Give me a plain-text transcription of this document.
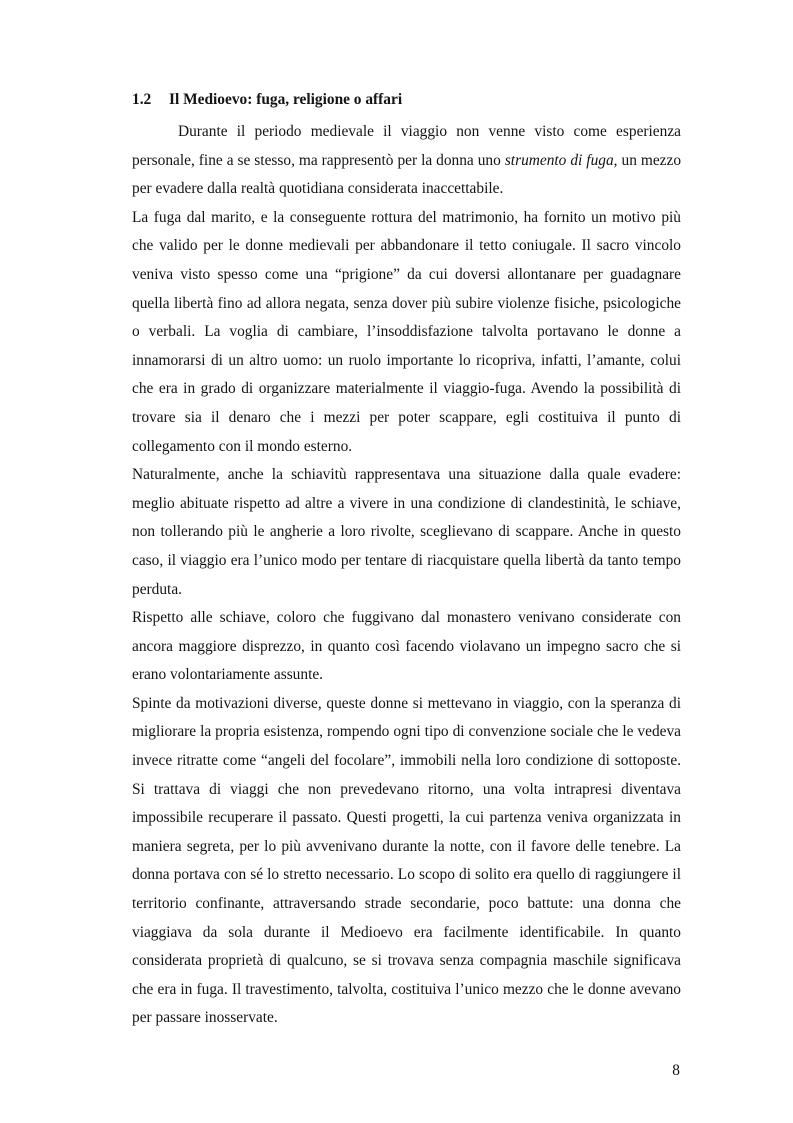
1.2 Il Medioevo: fuga, religione o affari

Durante il periodo medievale il viaggio non venne visto come esperienza personale, fine a se stesso, ma rappresentò per la donna uno strumento di fuga, un mezzo per evadere dalla realtà quotidiana considerata inaccettabile.

La fuga dal marito, e la conseguente rottura del matrimonio, ha fornito un motivo più che valido per le donne medievali per abbandonare il tetto coniugale. Il sacro vincolo veniva visto spesso come una “prigione” da cui doversi allontanare per guadagnare quella libertà fino ad allora negata, senza dover più subire violenze fisiche, psicologiche o verbali. La voglia di cambiare, l’insoddisfazione talvolta portavano le donne a innamorarsi di un altro uomo: un ruolo importante lo ricopriva, infatti, l’amante, colui che era in grado di organizzare materialmente il viaggio-fuga. Avendo la possibilità di trovare sia il denaro che i mezzi per poter scappare, egli costituiva il punto di collegamento con il mondo esterno.

Naturalmente, anche la schiavitù rappresentava una situazione dalla quale evadere: meglio abituate rispetto ad altre a vivere in una condizione di clandestinità, le schiave, non tollerando più le angherie a loro rivolte, sceglievano di scappare. Anche in questo caso, il viaggio era l’unico modo per tentare di riacquistare quella libertà da tanto tempo perduta.

Rispetto alle schiave, coloro che fuggivano dal monastero venivano considerate con ancora maggiore disprezzo, in quanto così facendo violavano un impegno sacro che si erano volontariamente assunte.

Spinte da motivazioni diverse, queste donne si mettevano in viaggio, con la speranza di migliorare la propria esistenza, rompendo ogni tipo di convenzione sociale che le vedeva invece ritratte come “angeli del focolare”, immobili nella loro condizione di sottoposte. Si trattava di viaggi che non prevedevano ritorno, una volta intrapresi diventava impossibile recuperare il passato. Questi progetti, la cui partenza veniva organizzata in maniera segreta, per lo più avvenivano durante la notte, con il favore delle tenebre. La donna portava con sé lo stretto necessario. Lo scopo di solito era quello di raggiungere il territorio confinante, attraversando strade secondarie, poco battute: una donna che viaggiava da sola durante il Medioevo era facilmente identificabile. In quanto considerata proprietà di qualcuno, se si trovava senza compagnia maschile significava che era in fuga. Il travestimento, talvolta, costituiva l’unico mezzo che le donne avevano per passare inosservate.

8
